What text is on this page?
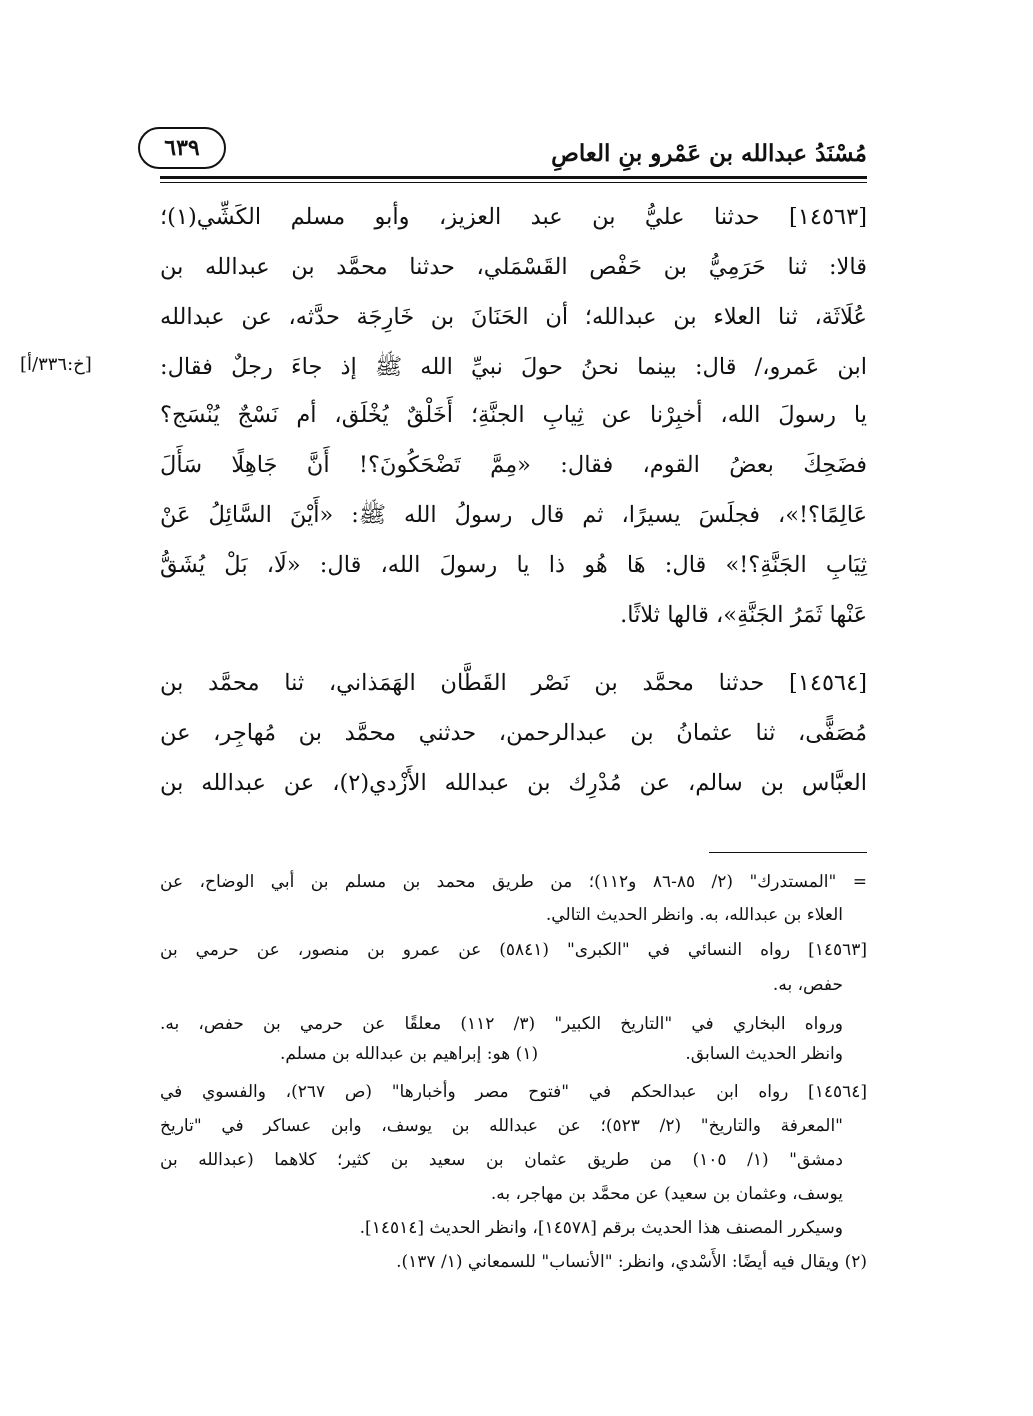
مُسْنَدُ عبدالله بن عَمْرو بنِ العاصِ
٦٣٩
[١٤٥٦٣] حدثنا عليُّ بن عبد العزيز، وأبو مسلم الكَشِّي(١)؛
قالا: ثنا حَرَمِيُّ بن حَفْص القَسْمَلي، حدثنا محمَّد بن عبدالله بن
عُلَاثَة، ثنا العلاء بن عبدالله؛ أن الحَنَانَ بن خَارِجَة حدَّثه، عن عبدالله
ابن عَمرو،/ قال: بينما نحنُ حولَ نبيِّ الله ﷺ إذ جاءَ رجلٌ فقال:
[خ:٣٣٦/أ]
يا رسولَ الله، أخبِرْنا عن ثِيابِ الجنَّةِ؛ أَخَلْقٌ يُخْلَق، أم نَسْجٌ يُنْسَج؟
فضَحِكَ بعضُ القوم، فقال: «مِمَّ تَضْحَكُونَ؟! أَنَّ جَاهِلًا سَأَلَ
عَالِمًا؟!»، فجلَسَ يسيرًا، ثم قال رسولُ الله ﷺ: «أَيْنَ السَّائِلُ عَنْ
ثِيَابِ الجَنَّةِ؟!» قال: هَا هُو ذا يا رسولَ الله، قال: «لَا، بَلْ يُشَقُّ
عَنْها ثَمَرُ الجَنَّةِ»، قالها ثلاثًا.
[١٤٥٦٤] حدثنا محمَّد بن نَصْر القَطَّان الهَمَذاني، ثنا محمَّد بن
مُصَفًّى، ثنا عثمانُ بن عبدالرحمن، حدثني محمَّد بن مُهاجِر، عن
العبَّاس بن سالم، عن مُدْرِك بن عبدالله الأَزْدي(٢)، عن عبدالله بن
= "المستدرك" (٢/ ٨٥-٨٦ و١١٢)؛ من طريق محمد بن مسلم بن أبي الوضاح، عن
العلاء بن عبدالله، به. وانظر الحديث التالي.
[١٤٥٦٣] رواه النسائي في "الكبرى" (٥٨٤١) عن عمرو بن منصور، عن حرمي بن
حفص، به.
ورواه البخاري في "التاريخ الكبير" (٣/ ١١٢) معلقًا عن حرمي بن حفص، به.
وانظر الحديث السابق.
(١) هو: إبراهيم بن عبدالله بن مسلم.
[١٤٥٦٤] رواه ابن عبدالحكم في "فتوح مصر وأخبارها" (ص ٢٦٧)، والفسوي في
"المعرفة والتاريخ" (٢/ ٥٢٣)؛ عن عبدالله بن يوسف، وابن عساكر في "تاريخ
دمشق" (١/ ١٠٥) من طريق عثمان بن سعيد بن كثير؛ كلاهما (عبدالله بن
يوسف، وعثمان بن سعيد) عن محمَّد بن مهاجر، به.
وسيكرر المصنف هذا الحديث برقم [١٤٥٧٨]، وانظر الحديث [١٤٥١٤].
(٢) ويقال فيه أيضًا: الأَسْدي، وانظر: "الأنساب" للسمعاني (١/ ١٣٧).
